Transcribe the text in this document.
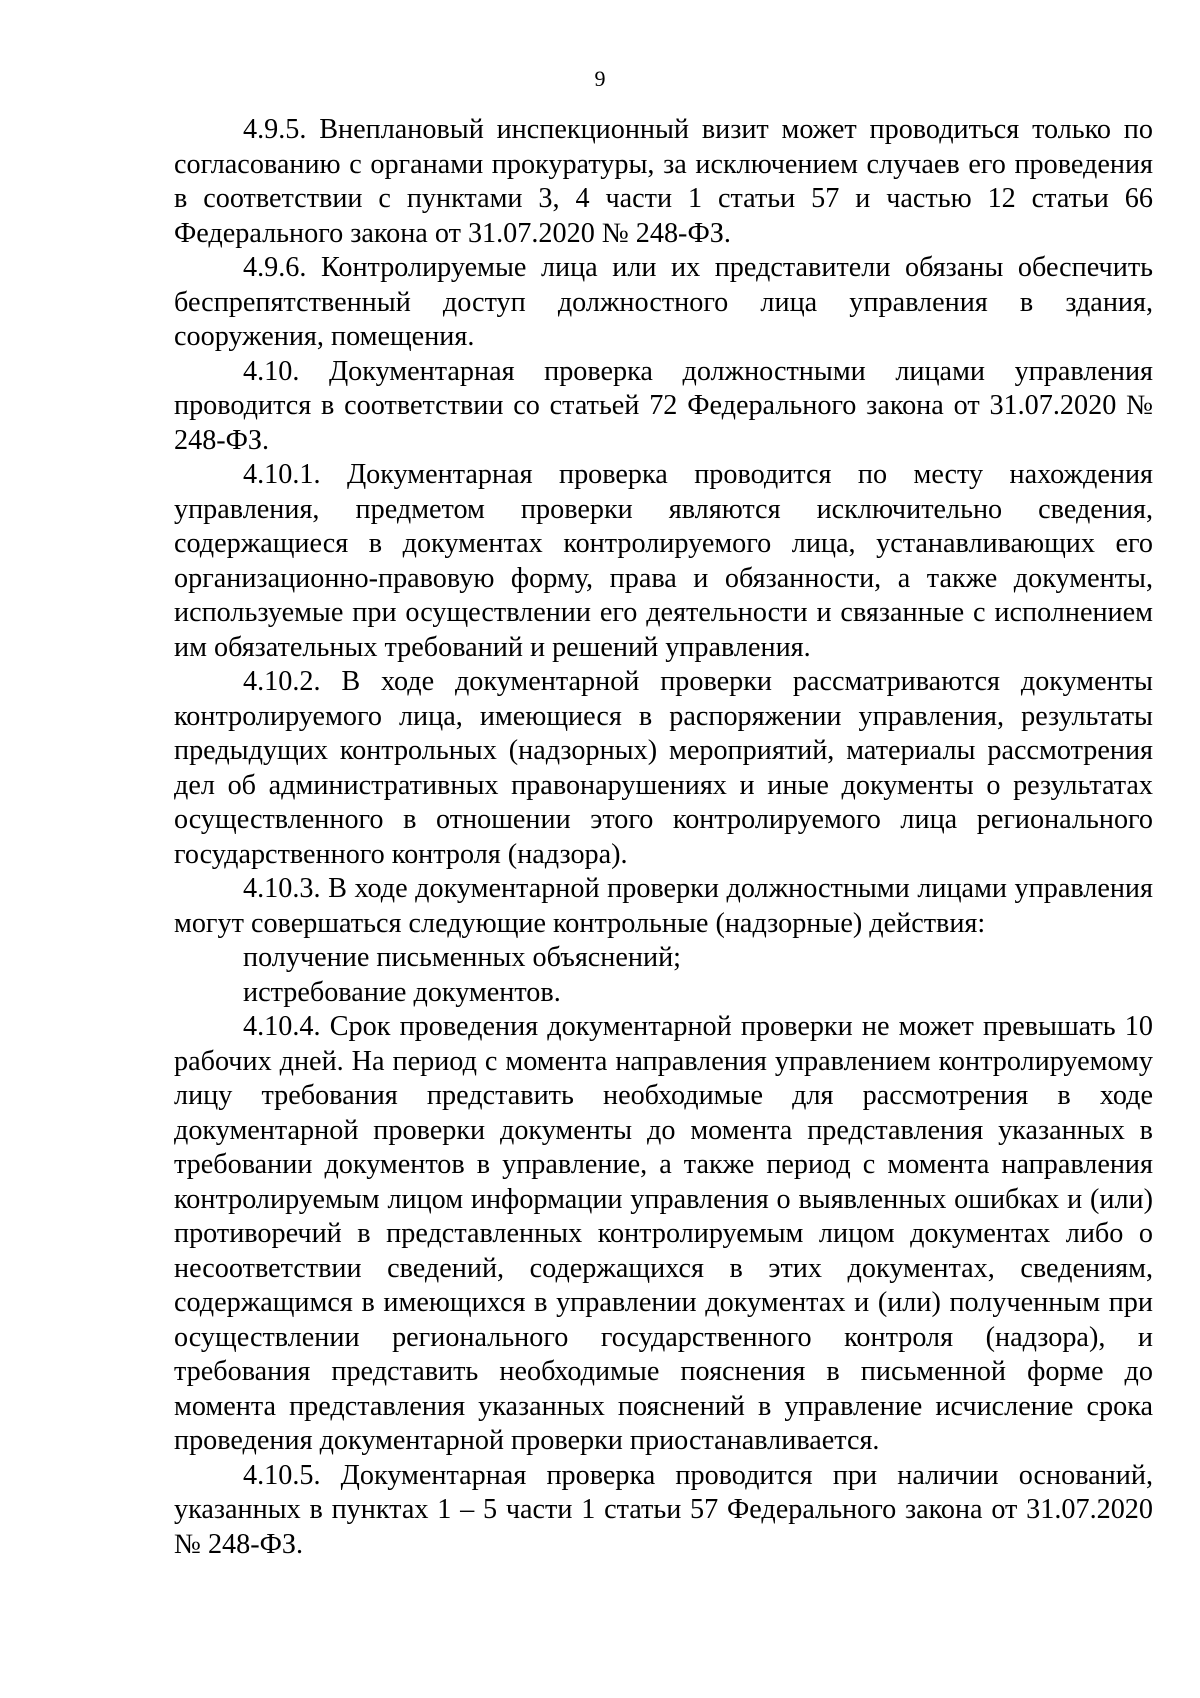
9

4.9.5. Внеплановый инспекционный визит может проводиться только по согласованию с органами прокуратуры, за исключением случаев его проведения в соответствии с пунктами 3, 4 части 1 статьи 57 и частью 12 статьи 66 Федерального закона от 31.07.2020 № 248-ФЗ.

4.9.6. Контролируемые лица или их представители обязаны обеспечить беспрепятственный доступ должностного лица управления в здания, сооружения, помещения.

4.10. Документарная проверка должностными лицами управления проводится в соответствии со статьей 72 Федерального закона от 31.07.2020 № 248-ФЗ.

4.10.1. Документарная проверка проводится по месту нахождения управления, предметом проверки являются исключительно сведения, содержащиеся в документах контролируемого лица, устанавливающих его организационно-правовую форму, права и обязанности, а также документы, используемые при осуществлении его деятельности и связанные с исполнением им обязательных требований и решений управления.

4.10.2. В ходе документарной проверки рассматриваются документы контролируемого лица, имеющиеся в распоряжении управления, результаты предыдущих контрольных (надзорных) мероприятий, материалы рассмотрения дел об административных правонарушениях и иные документы о результатах осуществленного в отношении этого контролируемого лица регионального государственного контроля (надзора).

4.10.3. В ходе документарной проверки должностными лицами управления могут совершаться следующие контрольные (надзорные) действия:

получение письменных объяснений;

истребование документов.

4.10.4. Срок проведения документарной проверки не может превышать 10 рабочих дней. На период с момента направления управлением контролируемому лицу требования представить необходимые для рассмотрения в ходе документарной проверки документы до момента представления указанных в требовании документов в управление, а также период с момента направления контролируемым лицом информации управления о выявленных ошибках и (или) противоречий в представленных контролируемым лицом документах либо о несоответствии сведений, содержащихся в этих документах, сведениям, содержащимся в имеющихся в управлении документах и (или) полученным при осуществлении регионального государственного контроля (надзора), и требования представить необходимые пояснения в письменной форме до момента представления указанных пояснений в управление исчисление срока проведения документарной проверки приостанавливается.

4.10.5. Документарная проверка проводится при наличии оснований, указанных в пунктах 1 – 5 части 1 статьи 57 Федерального закона от 31.07.2020 № 248-ФЗ.
